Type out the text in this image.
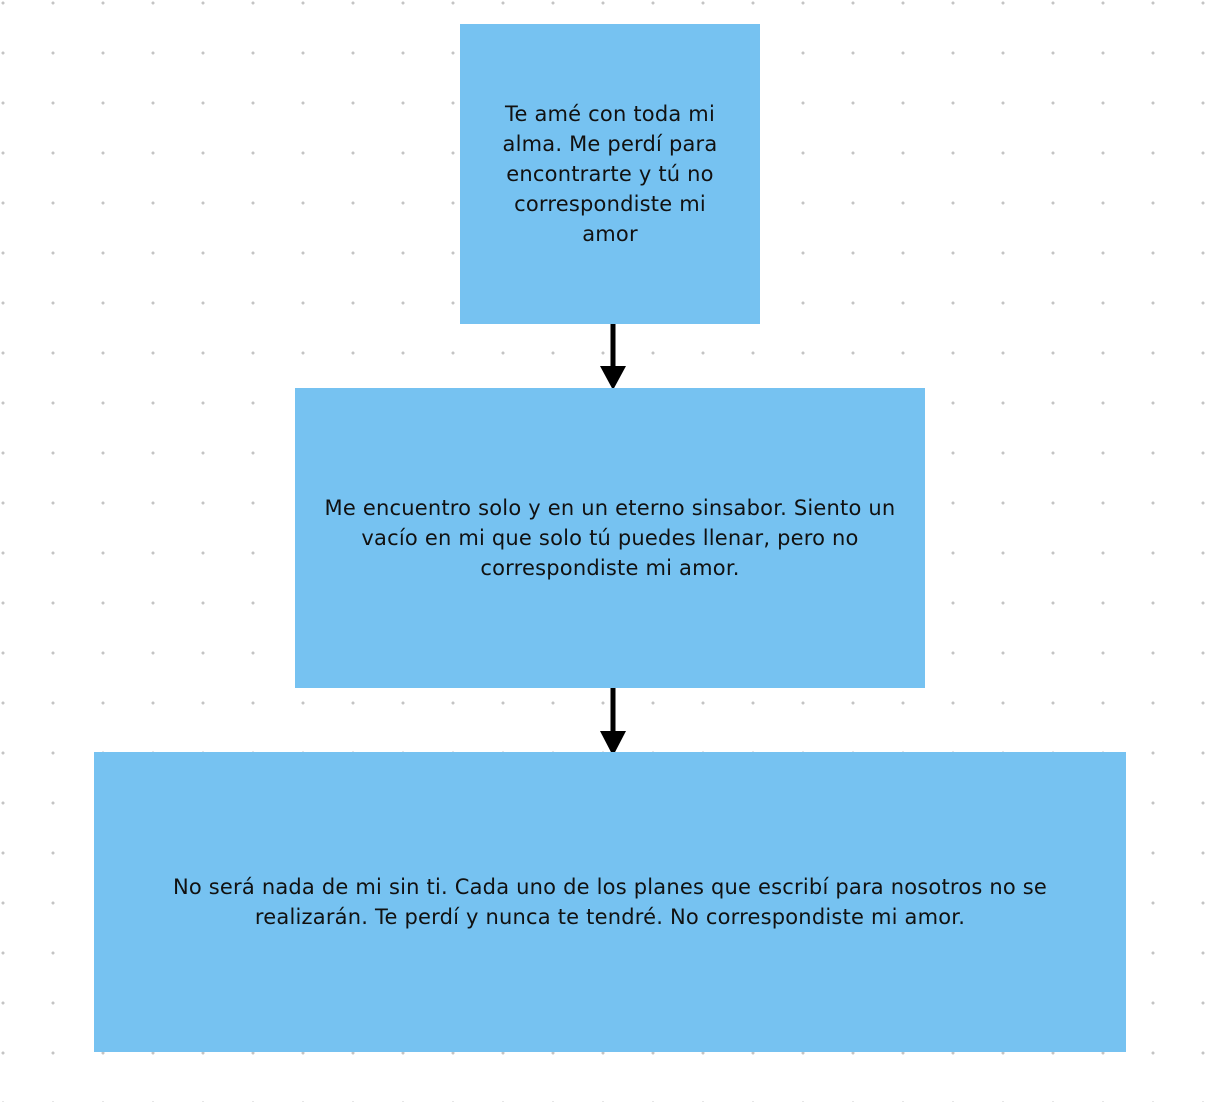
Te amé con toda mi alma. Me perdí para encontrarte y tú no correspondiste mi amor
Me encuentro solo y en un eterno sinsabor. Siento un vacío en mi que solo tú puedes llenar, pero no correspondiste mi amor.
No será nada de mi sin ti. Cada uno de los planes que escribí para nosotros no se realizarán. Te perdí y nunca te tendré. No correspondiste mi amor.
